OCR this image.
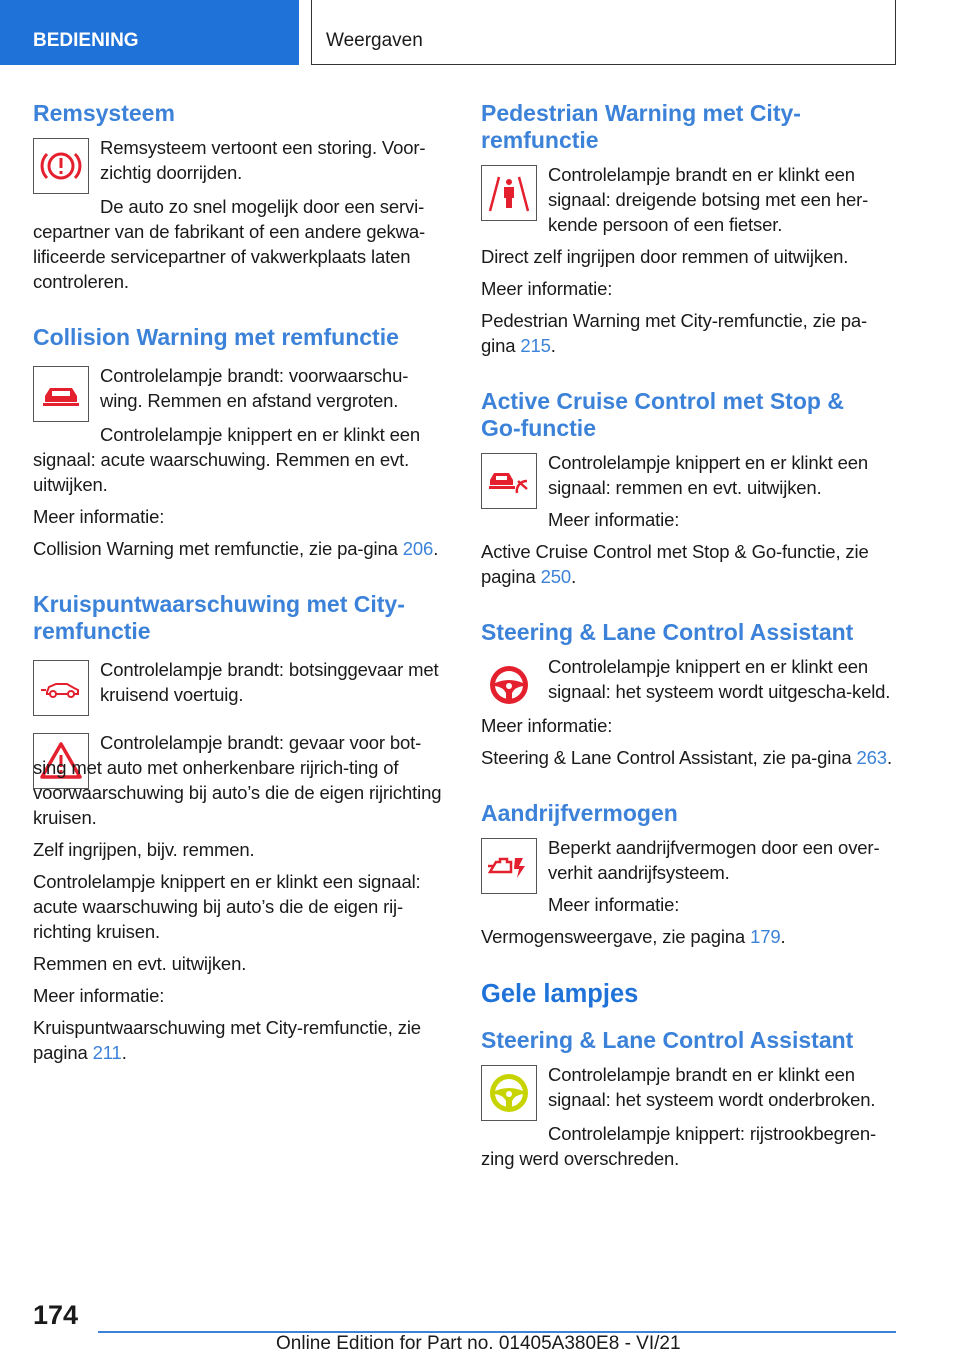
BEDIENING	Weergaven
Remsysteem

Remsysteem vertoont een storing. Voor-zichtig doorrijden.

De auto zo snel mogelijk door een servi-cepartner van de fabrikant of een andere gekwa-lificeerde servicepartner of vakwerkplaats laten controleren.

Collision Warning met remfunctie

Controlelampje brandt: voorwaarschu-wing. Remmen en afstand vergroten.

Controlelampje knippert en er klinkt een signaal: acute waarschuwing. Remmen en evt. uitwijken.

Meer informatie:

Collision Warning met remfunctie, zie pa-gina 206.

Kruispuntwaarschuwing met City-remfunctie

Controlelampje brandt: botsinggevaar met kruisend voertuig.

Controlelampje brandt: gevaar voor bot-sing met auto met onherkenbare rijrich-ting of voorwaarschuwing bij auto’s die de eigen rijrichting kruisen.

Zelf ingrijpen, bijv. remmen.

Controlelampje knippert en er klinkt een signaal: acute waarschuwing bij auto’s die de eigen rij-richting kruisen.

Remmen en evt. uitwijken.

Meer informatie:

Kruispuntwaarschuwing met City-remfunctie, zie pagina 211.

Pedestrian Warning met City-remfunctie

Controlelampje brandt en er klinkt een signaal: dreigende botsing met een her-kende persoon of een fietser.

Direct zelf ingrijpen door remmen of uitwijken.

Meer informatie:

Pedestrian Warning met City-remfunctie, zie pa-gina 215.

Active Cruise Control met Stop & Go-functie

Controlelampje knippert en er klinkt een signaal: remmen en evt. uitwijken.

Meer informatie:

Active Cruise Control met Stop & Go-functie, zie pagina 250.

Steering & Lane Control Assistant

Controlelampje knippert en er klinkt een signaal: het systeem wordt uitgescha-keld.

Meer informatie:

Steering & Lane Control Assistant, zie pa-gina 263.

Aandrijfvermogen

Beperkt aandrijfvermogen door een over-verhit aandrijfsysteem.

Meer informatie:

Vermogensweergave, zie pagina 179.

Gele lampjes
Steering & Lane Control Assistant

Controlelampje brandt en er klinkt een signaal: het systeem wordt onderbroken.

Controlelampje knippert: rijstrookbegren-zing werd overschreden.

174
Online Edition for Part no. 01405A380E8 - VI/21
